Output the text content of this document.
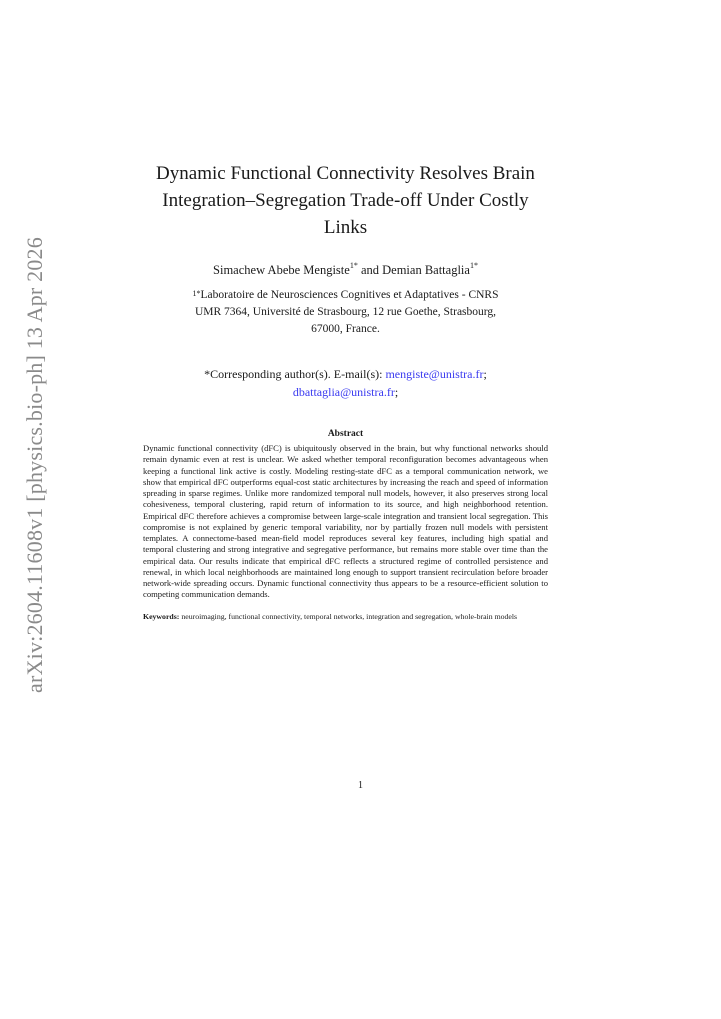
arXiv:2604.11608v1 [physics.bio-ph] 13 Apr 2026
Dynamic Functional Connectivity Resolves Brain
Integration–Segregation Trade-off Under Costly
Links
Simachew Abebe Mengiste$^{1*}$ and Demian Battaglia$^{1*}$
$^{1*}$Laboratoire de Neurosciences Cognitives et Adaptatives - CNRS
UMR 7364, Université de Strasbourg, 12 rue Goethe, Strasbourg,
67000, France.
*Corresponding author(s). E-mail(s): mengiste@unistra.fr;
dbattaglia@unistra.fr;
Abstract
Dynamic functional connectivity (dFC) is ubiquitously observed in the brain, but why functional networks should remain dynamic even at rest is unclear. We asked whether temporal reconfiguration becomes advantageous when keeping a functional link active is costly. Modeling resting-state dFC as a temporal communication network, we show that empirical dFC outperforms equal-cost static architectures by increasing the reach and speed of information spreading in sparse regimes. Unlike more randomized temporal null models, however, it also preserves strong local cohesiveness, temporal clustering, rapid return of information to its source, and high neighborhood retention. Empirical dFC therefore achieves a compromise between large-scale integration and transient local segregation. This compromise is not explained by generic temporal variability, nor by partially frozen null models with persistent templates. A connectome-based mean-field model reproduces several key features, including high spatial and temporal clustering and strong integrative and segregative performance, but remains more stable over time than the empirical data. Our results indicate that empirical dFC reflects a structured regime of controlled persistence and renewal, in which local neighborhoods are maintained long enough to support transient recirculation before broader network-wide spreading occurs. Dynamic functional connectivity thus appears to be a resource-efficient solution to competing communication demands.
Keywords: neuroimaging, functional connectivity, temporal networks, integration and segregation, whole-brain models
1
